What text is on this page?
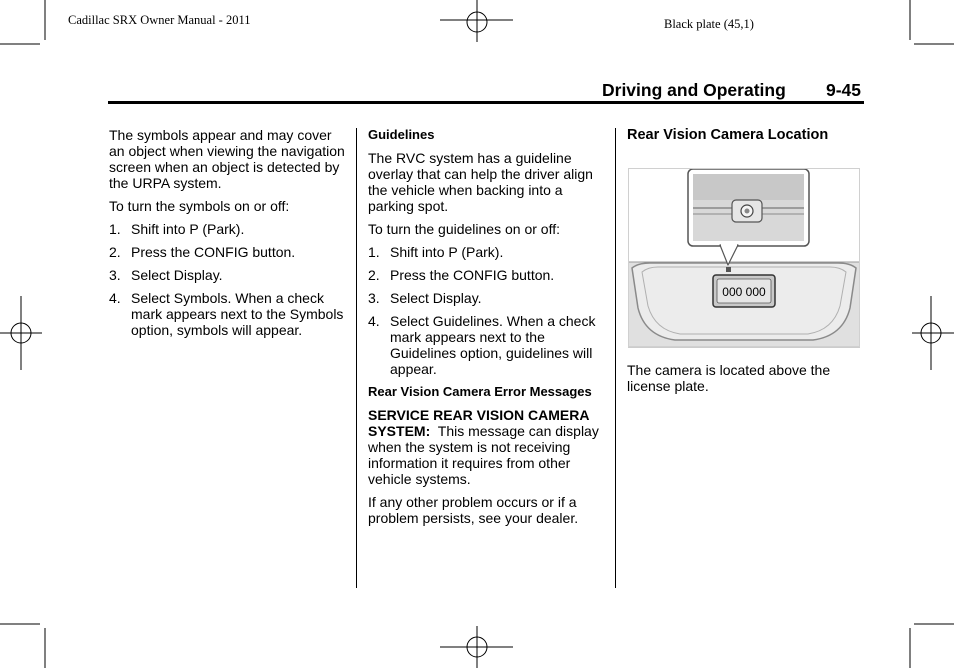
Cadillac SRX Owner Manual - 2011	Black plate (45,1)
Driving and Operating 9-45

The symbols appear and may cover an object when viewing the navigation screen when an object is detected by the URPA system.

To turn the symbols on or off:

1. Shift into P (Park).
2. Press the CONFIG button.
3. Select Display.
4. Select Symbols. When a check mark appears next to the Symbols option, symbols will appear.
Guidelines

The RVC system has a guideline overlay that can help the driver align the vehicle when backing into a parking spot.

To turn the guidelines on or off:

1. Shift into P (Park).
2. Press the CONFIG button.
3. Select Display.
4. Select Guidelines. When a check mark appears next to the Guidelines option, guidelines will appear.
Rear Vision Camera Error Messages

SERVICE REAR VISION CAMERA SYSTEM: This message can display when the system is not receiving information it requires from other vehicle systems.

If any other problem occurs or if a problem persists, see your dealer.

Rear Vision Camera Location
000 000
The camera is located above the license plate.
